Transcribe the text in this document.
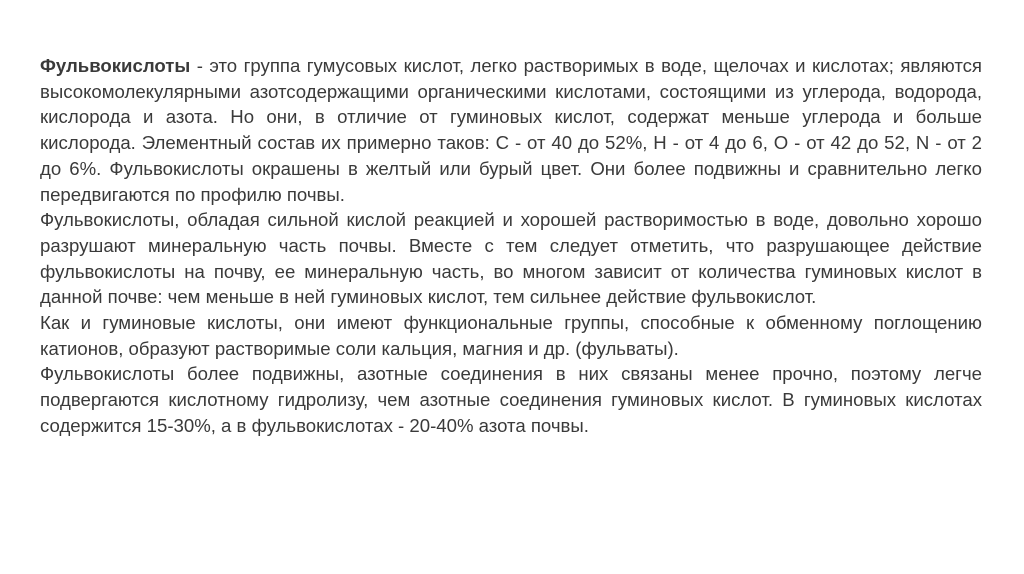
Фульвокислоты - это группа гумусовых кислот, легко растворимых в воде, щелочах и кислотах; являются высокомолекулярными азотсодержащими органическими кислотами, состоящими из углерода, водорода, кислорода и азота. Но они, в отличие от гуминовых кислот, содержат меньше углерода и больше кислорода. Элементный состав их примерно таков: С - от 40 до 52%, Н - от 4 до 6, О - от 42 до 52, N - от 2 до 6%. Фульвокислоты окрашены в желтый или бурый цвет. Они более подвижны и сравнительно легко передвигаются по профилю почвы.

Фульвокислоты, обладая сильной кислой реакцией и хорошей растворимостью в воде, довольно хорошо разрушают минеральную часть почвы. Вместе с тем следует отметить, что разрушающее действие фульвокислоты на почву, ее минеральную часть, во многом зависит от количества гуминовых кислот в данной почве: чем меньше в ней гуминовых кислот, тем сильнее действие фульвокислот.

Как и гуминовые кислоты, они имеют функциональные группы, способные к обменному поглощению катионов, образуют растворимые соли кальция, магния и др. (фульваты).

Фульвокислоты более подвижны, азотные соединения в них связаны менее прочно, поэтому легче подвергаются кислотному гидролизу, чем азотные соединения гуминовых кислот. В гуминовых кислотах содержится 15-30%, а в фульвокислотах - 20-40% азота почвы.
